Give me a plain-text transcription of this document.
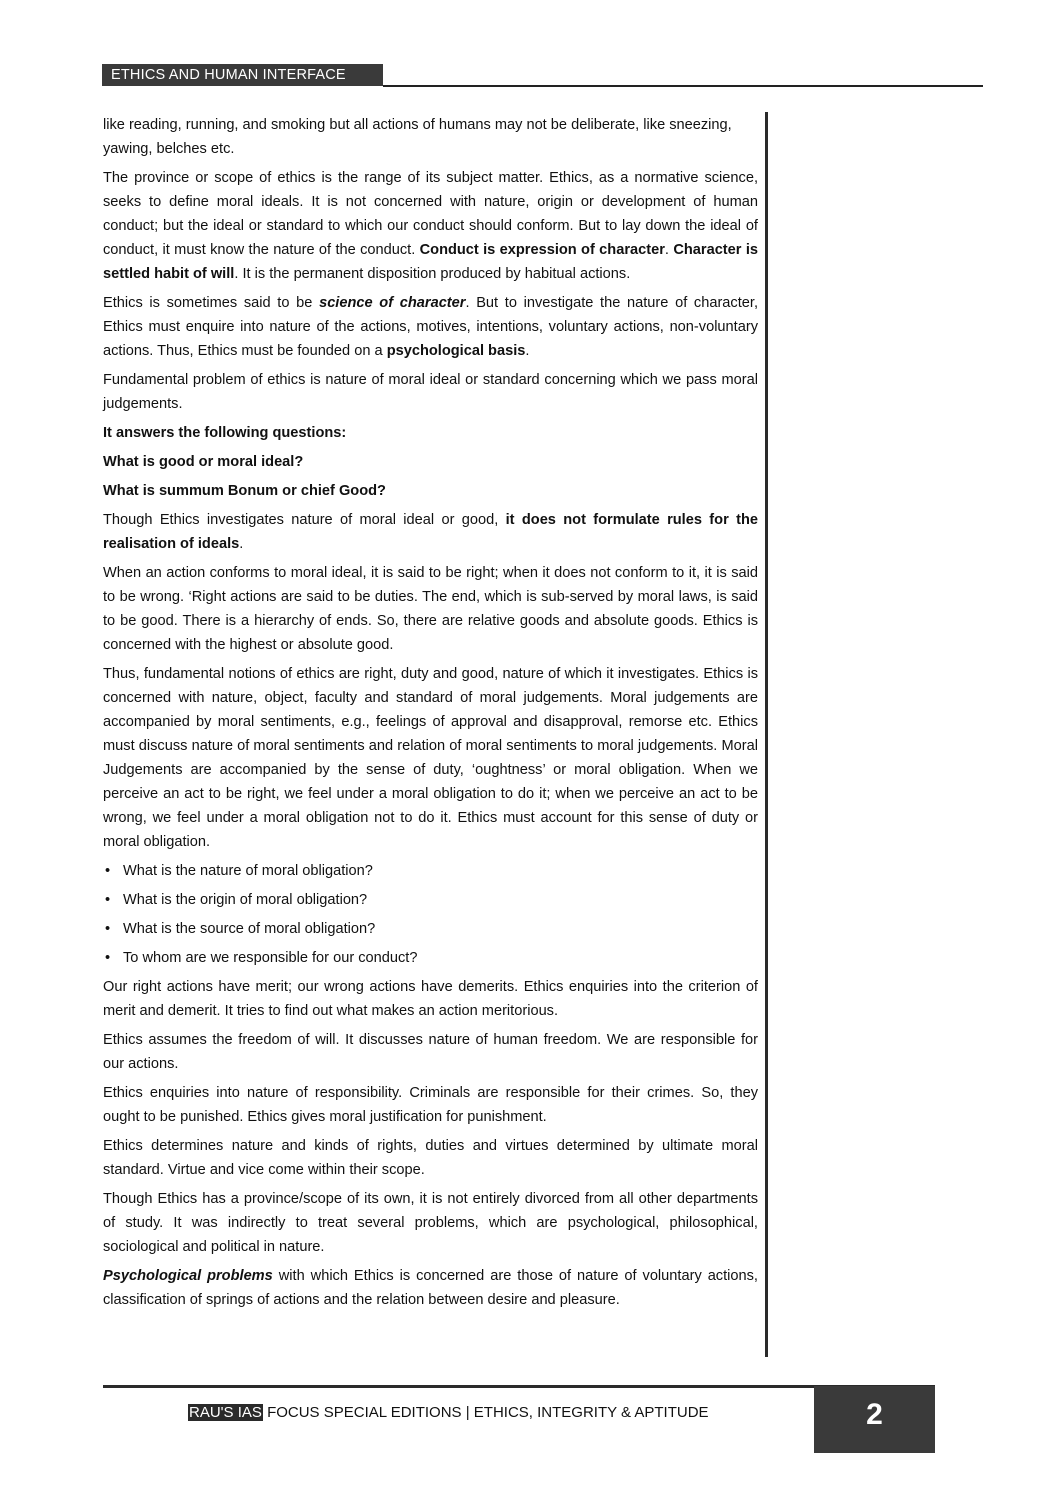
ETHICS AND HUMAN INTERFACE

like reading, running, and smoking but all actions of humans may not be deliberate, like sneezing, yawing, belches etc.

The province or scope of ethics is the range of its subject matter. Ethics, as a normative science, seeks to define moral ideals. It is not concerned with nature, origin or development of human conduct; but the ideal or standard to which our conduct should conform. But to lay down the ideal of conduct, it must know the nature of the conduct. Conduct is expression of character. Character is settled habit of will. It is the permanent disposition produced by habitual actions.

Ethics is sometimes said to be science of character. But to investigate the nature of character, Ethics must enquire into nature of the actions, motives, intentions, voluntary actions, non-voluntary actions. Thus, Ethics must be founded on a psychological basis.

Fundamental problem of ethics is nature of moral ideal or standard concerning which we pass moral judgements.

It answers the following questions:

What is good or moral ideal?

What is summum Bonum or chief Good?

Though Ethics investigates nature of moral ideal or good, it does not formulate rules for the realisation of ideals.

When an action conforms to moral ideal, it is said to be right; when it does not conform to it, it is said to be wrong. ‘Right actions are said to be duties. The end, which is sub-served by moral laws, is said to be good. There is a hierarchy of ends. So, there are relative goods and absolute goods. Ethics is concerned with the highest or absolute good.

Thus, fundamental notions of ethics are right, duty and good, nature of which it investigates. Ethics is concerned with nature, object, faculty and standard of moral judgements. Moral judgements are accompanied by moral sentiments, e.g., feelings of approval and disapproval, remorse etc. Ethics must discuss nature of moral sentiments and relation of moral sentiments to moral judgements. Moral Judgements are accompanied by the sense of duty, ‘oughtness’ or moral obligation. When we perceive an act to be right, we feel under a moral obligation to do it; when we perceive an act to be wrong, we feel under a moral obligation not to do it. Ethics must account for this sense of duty or moral obligation.

• What is the nature of moral obligation?
• What is the origin of moral obligation?
• What is the source of moral obligation?
• To whom are we responsible for our conduct?

Our right actions have merit; our wrong actions have demerits. Ethics enquiries into the criterion of merit and demerit. It tries to find out what makes an action meritorious.

Ethics assumes the freedom of will. It discusses nature of human freedom. We are responsible for our actions.

Ethics enquiries into nature of responsibility. Criminals are responsible for their crimes. So, they ought to be punished. Ethics gives moral justification for punishment.

Ethics determines nature and kinds of rights, duties and virtues determined by ultimate moral standard. Virtue and vice come within their scope.

Though Ethics has a province/scope of its own, it is not entirely divorced from all other departments of study. It was indirectly to treat several problems, which are psychological, philosophical, sociological and political in nature.

Psychological problems with which Ethics is concerned are those of nature of voluntary actions, classification of springs of actions and the relation between desire and pleasure.

RAU'S IAS FOCUS SPECIAL EDITIONS | ETHICS, INTEGRITY & APTITUDE	2
